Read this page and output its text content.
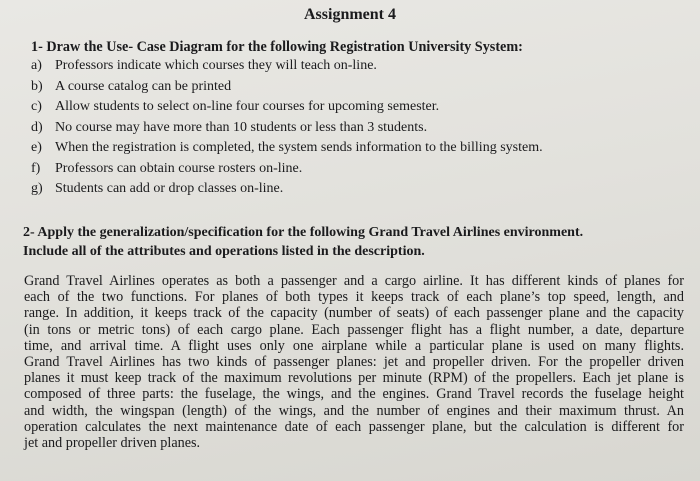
Assignment 4
1- Draw the Use- Case Diagram for the following Registration University System:
a) Professors indicate which courses they will teach on-line.
b) A course catalog can be printed
c) Allow students to select on-line four courses for upcoming semester.
d) No course may have more than 10 students or less than 3 students.
e) When the registration is completed, the system sends information to the billing system.
f)	Professors can obtain course rosters on-line.
g) Students can add or drop classes on-line.
2- Apply the generalization/specification for the following Grand Travel Airlines environment.
Include all of the attributes and operations listed in the description.
Grand Travel Airlines operates as both a passenger and a cargo airline. It has different kinds of planes for
each of the two functions. For planes of both types it keeps track of each plane’s top speed, length, and
range. In addition, it keeps track of the capacity (number of seats) of each passenger plane and the capacity
(in tons or metric tons) of each cargo plane. Each passenger flight has a flight number, a date, departure
time, and arrival time. A flight uses only one airplane while a particular plane is used on many flights.
Grand Travel Airlines has two kinds of passenger planes: jet and propeller driven. For the propeller driven
planes it must keep track of the maximum revolutions per minute (RPM) of the propellers. Each jet plane is
composed of three parts: the fuselage, the wings, and the engines. Grand Travel records the fuselage height
and width, the wingspan (length) of the wings, and the number of engines and their maximum thrust. An
operation calculates the next maintenance date of each passenger plane, but the calculation is different for
jet and propeller driven planes.
